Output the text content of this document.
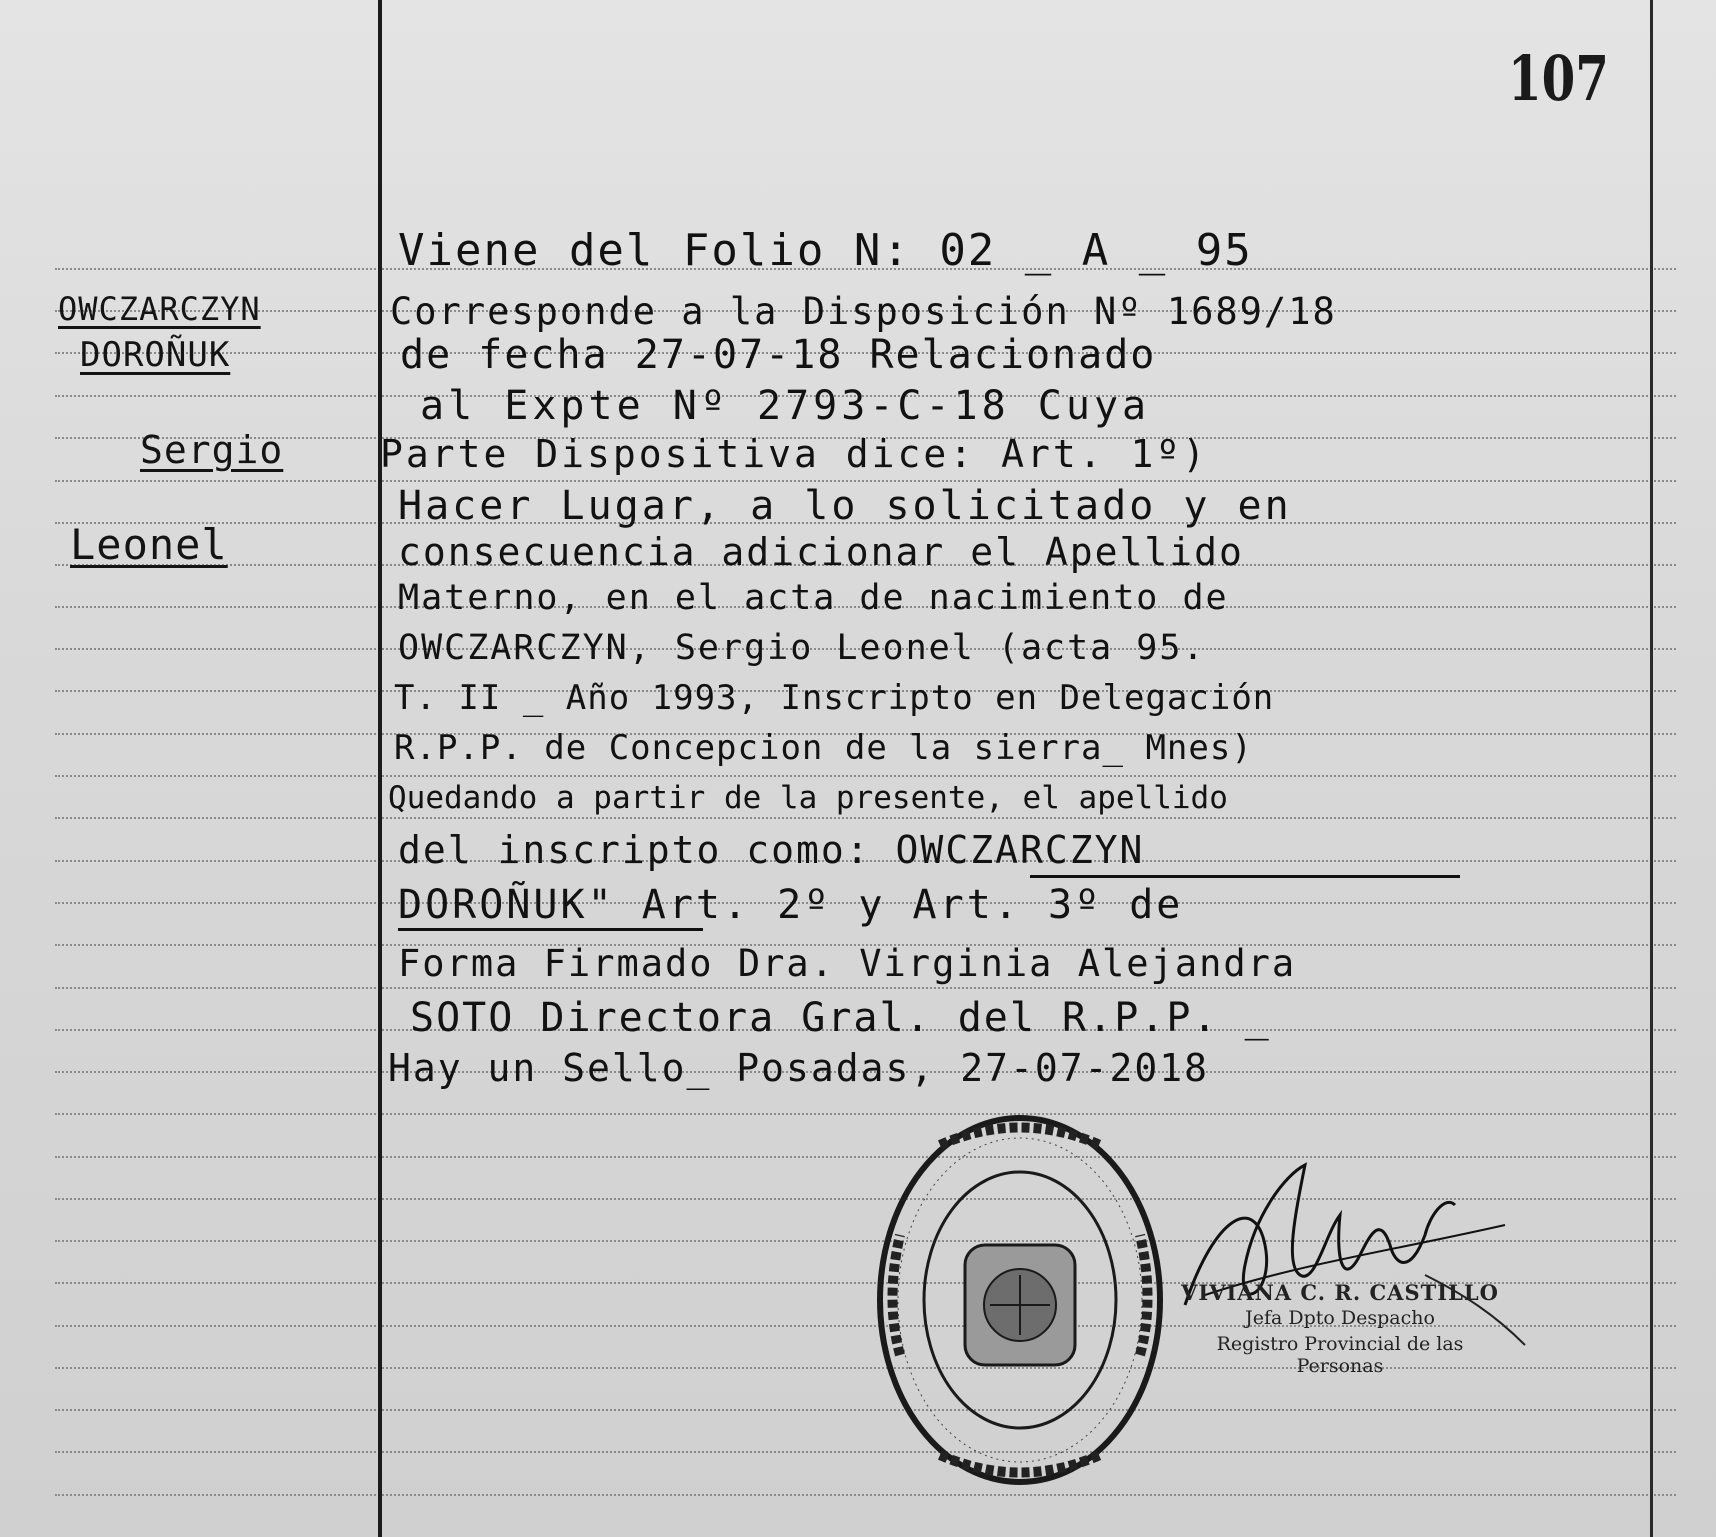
107
OWCZARCZYN
DOROÑUK
Sergio
Leonel
Viene del Folio N: 02 _ A _ 95
Corresponde a la Disposición Nº 1689/18
de fecha 27-07-18 Relacionado
al Expte Nº 2793-C-18 Cuya
Parte Dispositiva dice: Art. 1º)
Hacer Lugar, a lo solicitado y en
consecuencia adicionar el Apellido
Materno, en el acta de nacimiento de
OWCZARCZYN, Sergio Leonel (acta 95.
T. II _ Año 1993, Inscripto en Delegación
R.P.P. de Concepcion de la sierra_ Mnes)
Quedando a partir de la presente, el apellido
del inscripto como: OWCZARCZYN
DOROÑUK" Art. 2º y Art. 3º de
Forma Firmado Dra. Virginia Alejandra
SOTO Directora Gral. del R.P.P. _
Hay un Sello_ Posadas, 27-07-2018
VIVIANA C. R. CASTILLO
Jefa Dpto Despacho
Registro Provincial de las Personas
